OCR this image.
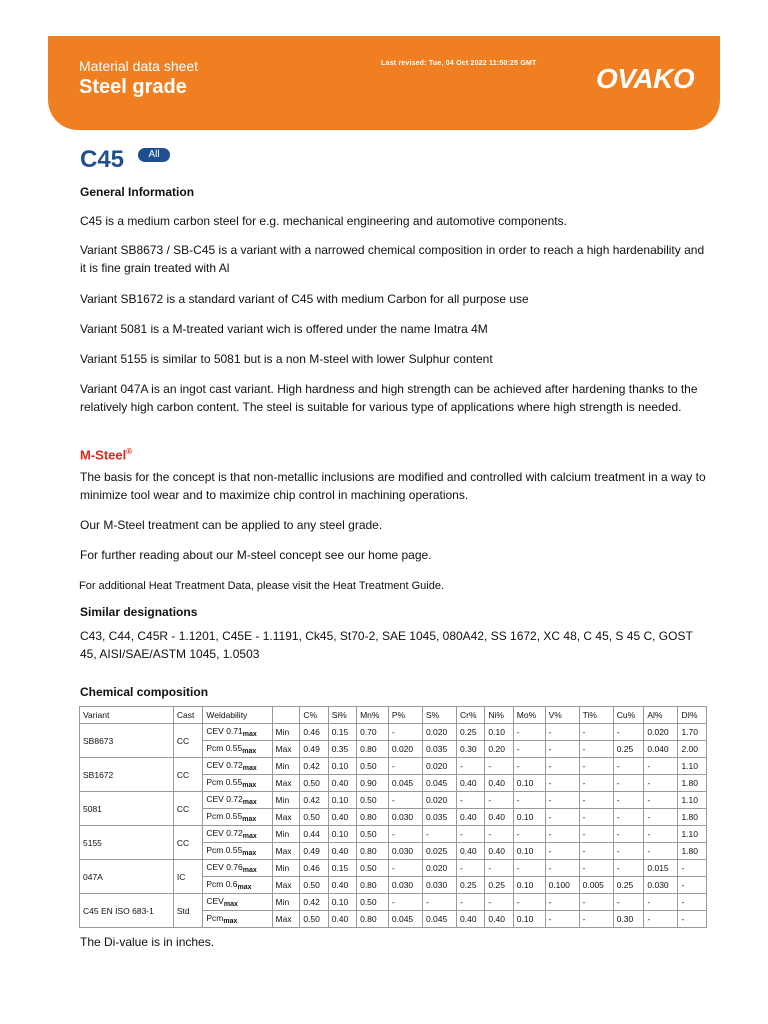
Material data sheet
Steel grade
Last revised: Tue, 04 Oct 2022 11:50:25 GMT OVAKO
C45	All
General Information
C45 is a medium carbon steel for e.g. mechanical engineering and automotive components.
Variant SB8673 / SB-C45 is a variant with a narrowed chemical composition in order to reach a high hardenability and it is fine grain treated with Al
Variant SB1672 is a standard variant of C45 with medium Carbon for all purpose use
Variant 5081 is a M-treated variant wich is offered under the name Imatra 4M
Variant 5155 is similar to 5081 but is a non M-steel with lower Sulphur content
Variant 047A is an ingot cast variant. High hardness and high strength can be achieved after hardening thanks to the relatively high carbon content. The steel is suitable for various type of applications where high strength is needed.
M-Steel®
The basis for the concept is that non-metallic inclusions are modified and controlled with calcium treatment in a way to minimize tool wear and to maximize chip control in machining operations.
Our M-Steel treatment can be applied to any steel grade.
For further reading about our M-steel concept see our home page.
For additional Heat Treatment Data, please visit the Heat Treatment Guide.
Similar designations
C43, C44, C45R - 1.1201, C45E - 1.1191, Ck45, St70-2, SAE 1045, 080A42, SS 1672, XC 48, C 45, S 45 C, GOST 45, AISI/SAE/ASTM 1045, 1.0503
Chemical composition
Variant	Cast	Weldability		C%	Si%	Mn%	P%	S%	Cr%	Ni%	Mo%	V%	Ti%	Cu%	Al%	DI%
SB8673	CC	CEV $0.71_{max}$	Min	0.46	0.15	0.70	-	0.020	0.25	0.10	-	-	-	-	0.020	1.70
		Pcm $0.55_{max}$	Max	0.49	0.35	0.80	0.020	0.035	0.30	0.20	-	-	-	0.25	0.040	2.00
SB1672	CC	CEV $0.72_{max}$	Min	0.42	0.10	0.50	-	0.020	-	-	-	-	-	-	-	1.10
		Pcm $0.55_{max}$	Max	0.50	0.40	0.90	0.045	0.045	0.40	0.40	0.10	-	-	-	-	1.80
5081	CC	CEV $0.72_{max}$	Min	0.42	0.10	0.50	-	0.020	-	-	-	-	-	-	-	1.10
		Pcm $0.55_{max}$	Max	0.50	0.40	0.80	0.030	0.035	0.40	0.40	0.10	-	-	-	-	1.80
5155	CC	CEV $0.72_{max}$	Min	0.44	0.10	0.50	-	-	-	-	-	-	-	-	-	1.10
		Pcm $0.55_{max}$	Max	0.49	0.40	0.80	0.030	0.025	0.40	0.40	0.10	-	-	-	-	1.80
047A	IC	CEV $0.76_{max}$	Min	0.46	0.15	0.50	-	0.020	-	-	-	-	-	-	0.015	-
		Pcm $0.6_{max}$	Max	0.50	0.40	0.80	0.030	0.030	0.25	0.25	0.10	0.100	0.005	0.25	0.030	-
C45 EN ISO 683-1	Std	$CEV_{max}$	Min	0.42	0.10	0.50	-	-	-	-	-	-	-	-	-	-
		Pcm$_{max}$	Max	0.50	0.40	0.80	0.045	0.045	0.40	0.40	0.10	-	-	0.30	-	-
The Di-value is in inches.
